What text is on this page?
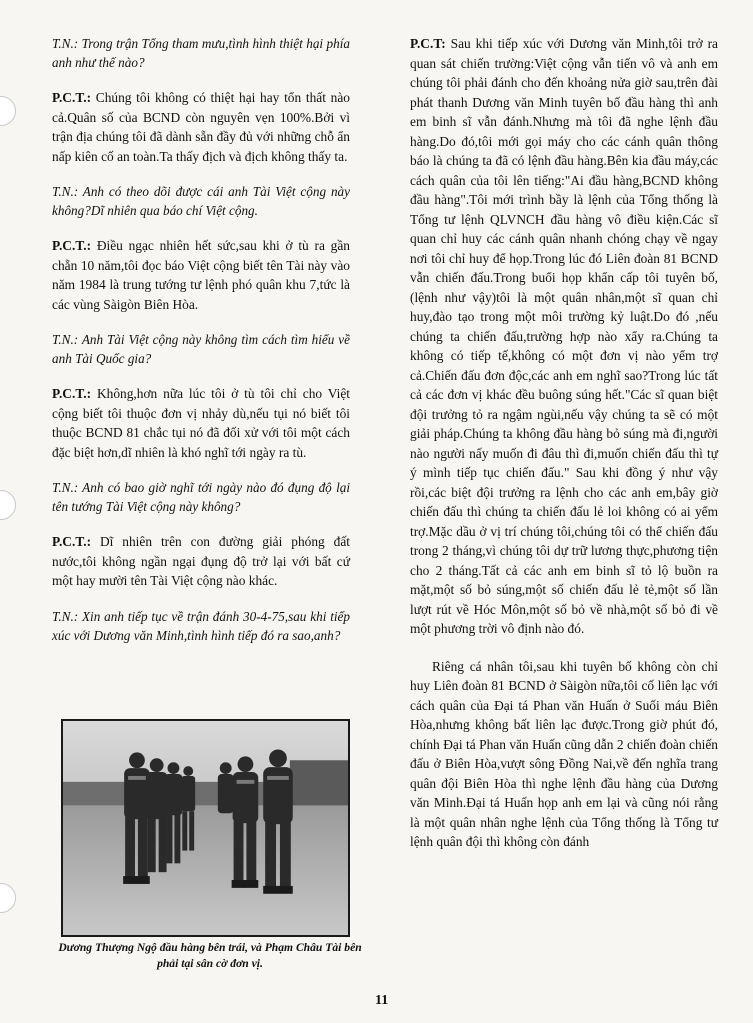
T.N.: Trong trận Tổng tham mưu,tình hình thiệt hại phía anh như thế nào?

P.C.T.: Chúng tôi không có thiệt hại hay tổn thất nào cả.Quân số của BCND còn nguyên vẹn 100%.Bởi vì trận địa chúng tôi đã dành sẵn đầy đủ với những chỗ ẩn nấp kiên cố an toàn.Ta thấy địch và địch không thấy ta.

T.N.: Anh có theo dõi được cái anh Tài Việt cộng này không?Dĩ nhiên qua báo chí Việt cộng.

P.C.T.: Điều ngạc nhiên hết sức,sau khi ở tù ra gần chẵn 10 năm,tôi đọc báo Việt cộng biết tên Tài này vào năm 1984 là trung tướng tư lệnh phó quân khu 7,tức là các vùng Sàigòn Biên Hòa.

T.N.: Anh Tài Việt cộng này không tìm cách tìm hiểu về anh Tài Quốc gia?

P.C.T.: Không,hơn nữa lúc tôi ở tù tôi chỉ cho Việt cộng biết tôi thuộc đơn vị nhảy dù,nếu tụi nó biết tôi thuộc BCND 81 chắc tụi nó đã đối xử với tôi một cách đặc biệt hơn,dĩ nhiên là khó nghĩ tới ngày ra tù.

T.N.: Anh có bao giờ nghĩ tới ngày nào đó đụng độ lại tên tướng Tài Việt cộng này không?

P.C.T.: Dĩ nhiên trên con đường giải phóng đất nước,tôi không ngần ngại đụng độ trở lại với bất cứ một hay mười tên Tài Việt cộng nào khác.

T.N.: Xin anh tiếp tục về trận đánh 30-4-75,sau khi tiếp xúc với Dương văn Minh,tình hình tiếp đó ra sao,anh?

Dương Thượng Ngộ đầu hàng bên trái, và Phạm Châu Tài bên phải tại sân cờ đơn vị.

P.C.T: Sau khi tiếp xúc với Dương văn Minh,tôi trở ra quan sát chiến trường:Việt cộng vẫn tiến vô và anh em chúng tôi phải đánh cho đến khoảng nửa giờ sau,trên đài phát thanh Dương văn Minh tuyên bố đầu hàng thì anh em binh sĩ vẫn đánh.Nhưng mà tôi đã nghe lệnh đầu hàng.Do đó,tôi mới gọi máy cho các cánh quân thông báo là chúng ta đã có lệnh đầu hàng.Bên kia đầu máy,các cách quân của tôi lên tiếng:"Ai đầu hàng,BCND không đầu hàng".Tôi mới trình bầy là lệnh của Tổng thống là Tổng tư lệnh QLVNCH đầu hàng vô điều kiện.Các sĩ quan chỉ huy các cánh quân nhanh chóng chạy về ngay nơi tôi chỉ huy để họp.Trong lúc đó Liên đoàn 81 BCND vẫn chiến đấu.Trong buổi họp khẩn cấp tôi tuyên bố,(lệnh như vậy)tôi là một quân nhân,một sĩ quan chỉ huy,đào tạo trong một môi trường kỷ luật.Do đó ,nếu chúng ta chiến đấu,trường hợp nào xẩy ra.Chúng ta không có tiếp tế,không có một đơn vị nào yểm trợ cả.Chiến đấu đơn độc,các anh em nghĩ sao?Trong lúc tất cả các đơn vị khác đều buông súng hết."Các sĩ quan biệt đội trưởng tỏ ra ngậm ngùi,nếu vậy chúng ta sẽ có một giải pháp.Chúng ta không đầu hàng bỏ súng mà đi,người nào người nấy muốn đi đâu thì đi,muốn chiến đấu thì tự ý mình tiếp tục chiến đấu." Sau khi đồng ý như vậy rồi,các biệt đội trưởng ra lệnh cho các anh em,bây giờ chiến đấu thì chúng ta chiến đấu lẻ loi không có ai yểm trợ.Mặc dầu ở vị trí chúng tôi,chúng tôi có thể chiến đấu trong 2 tháng,vì chúng tôi dự trữ lương thực,phương tiện cho 2 tháng.Tất cả các anh em binh sĩ tỏ lộ buồn ra mặt,một số bỏ súng,một số chiến đấu lẻ tẻ,một số lần lượt rút về Hóc Môn,một số bỏ về nhà,một số bỏ đi về một phương trời vô định nào đó.

Riêng cá nhân tôi,sau khi tuyên bố không còn chỉ huy Liên đoàn 81 BCND ở Sàigòn nữa,tôi cố liên lạc với cách quân của Đại tá Phan văn Huấn ở Suối máu Biên Hòa,nhưng không bất liên lạc được.Trong giờ phút đó, chính Đại tá Phan văn Huấn cũng dẫn 2 chiến đoàn chiến đấu ở Biên Hòa,vượt sông Đồng Nai,về đến nghĩa trang quân đội Biên Hòa thì nghe lệnh đầu hàng của Dương văn Minh.Đại tá Huấn họp anh em lại và cũng nói rằng là một quân nhân nghe lệnh của Tổng thống là Tổng tư lệnh quân đội thì không còn đánh

11
